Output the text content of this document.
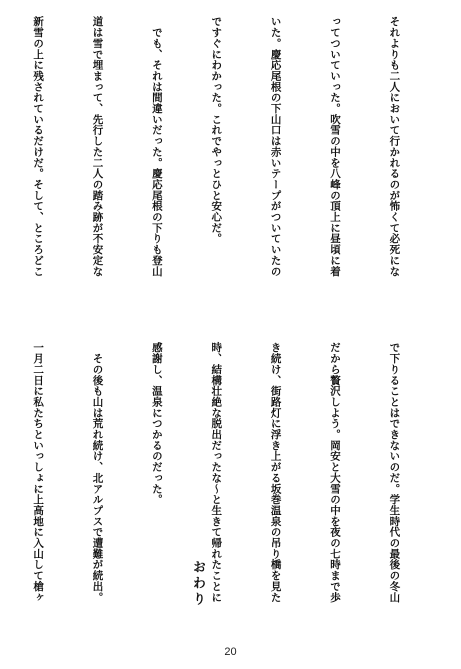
それよりも二人において行かれるのが怖くて必死にな

ってついていった。吹雪の中を八峰の頂上に昼頃に着

いた。慶応尾根の下山口は赤いテープがついていたの

ですぐにわかった。これでやっとひと安心だ。

　でも、それは間違いだった。慶応尾根の下りも登山

道は雪で埋まって、先行した二人の踏み跡が不安定な

新雪の上に残されているだけだ。そして、ところどこ

で下りることはできないのだ。学生時代の最後の冬山

だから贅沢しよう。岡安と大雪の中を夜の七時まで歩

き続け、街路灯に浮き上がる坂巻温泉の吊り橋を見た

時、結構壮絶な脱出だったな～と生きて帰れたことに

感謝し、温泉につかるのだった。

　その後も山は荒れ続け、北アルプスで遭難が続出。

一月二日に私たちといっしょに上高地に入山して槍ヶ

	おわり
20
